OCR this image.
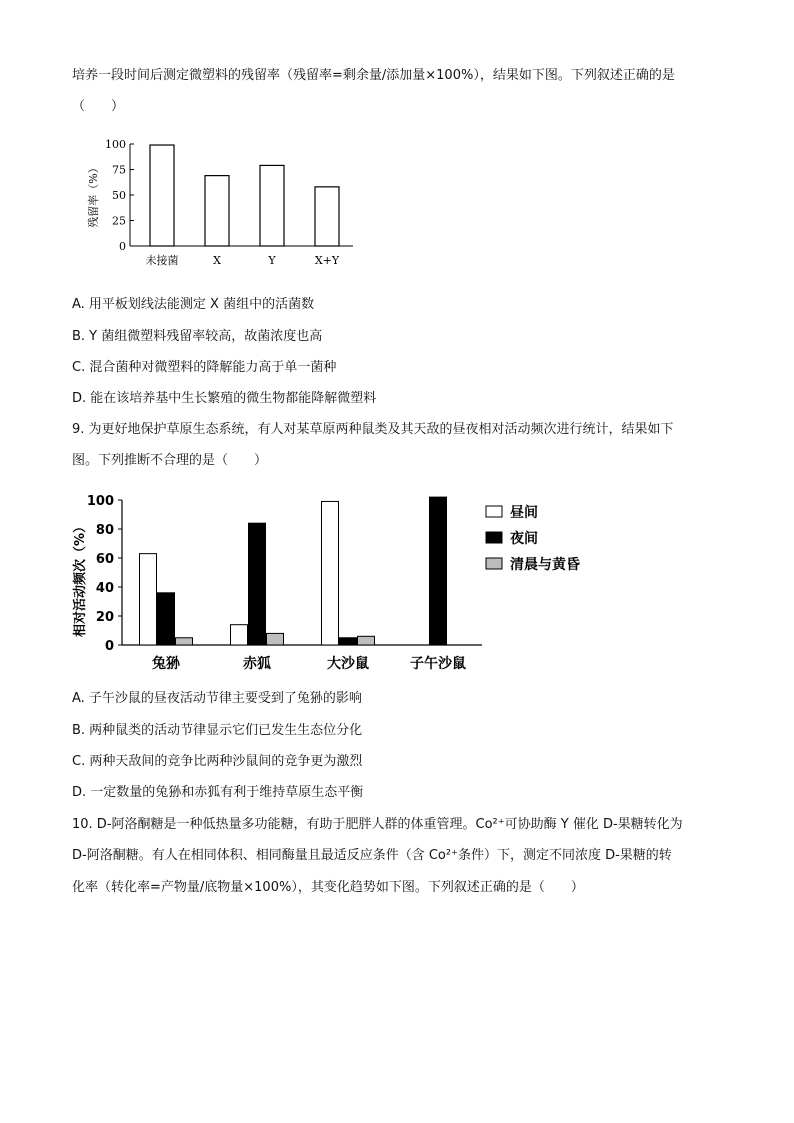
培养一段时间后测定微塑料的残留率（残留率=剩余量/添加量×100%），结果如下图。下列叙述正确的是
（　　）
0
25
50
75
100
残留率（%）
未接菌	X	Y	X+Y
A. 用平板划线法能测定 X 菌组中的活菌数
B. Y 菌组微塑料残留率较高，故菌浓度也高
C. 混合菌种对微塑料的降解能力高于单一菌种
D. 能在该培养基中生长繁殖的微生物都能降解微塑料
9. 为更好地保护草原生态系统，有人对某草原两种鼠类及其天敌的昼夜相对活动频次进行统计，结果如下
图。下列推断不合理的是（　　）
0
20
40
60
80
100
相对活动频次（%）
兔狲	赤狐	大沙鼠	子午沙鼠
昼间
夜间
清晨与黄昏
A. 子午沙鼠的昼夜活动节律主要受到了兔狲的影响
B. 两种鼠类的活动节律显示它们已发生生态位分化
C. 两种天敌间的竞争比两种沙鼠间的竞争更为激烈
D. 一定数量的兔狲和赤狐有利于维持草原生态平衡
10. D-阿洛酮糖是一种低热量多功能糖，有助于肥胖人群的体重管理。Co²⁺可协助酶 Y 催化 D-果糖转化为
D-阿洛酮糖。有人在相同体积、相同酶量且最适反应条件（含 Co²⁺条件）下，测定不同浓度 D-果糖的转
化率（转化率=产物量/底物量×100%），其变化趋势如下图。下列叙述正确的是（　　）
